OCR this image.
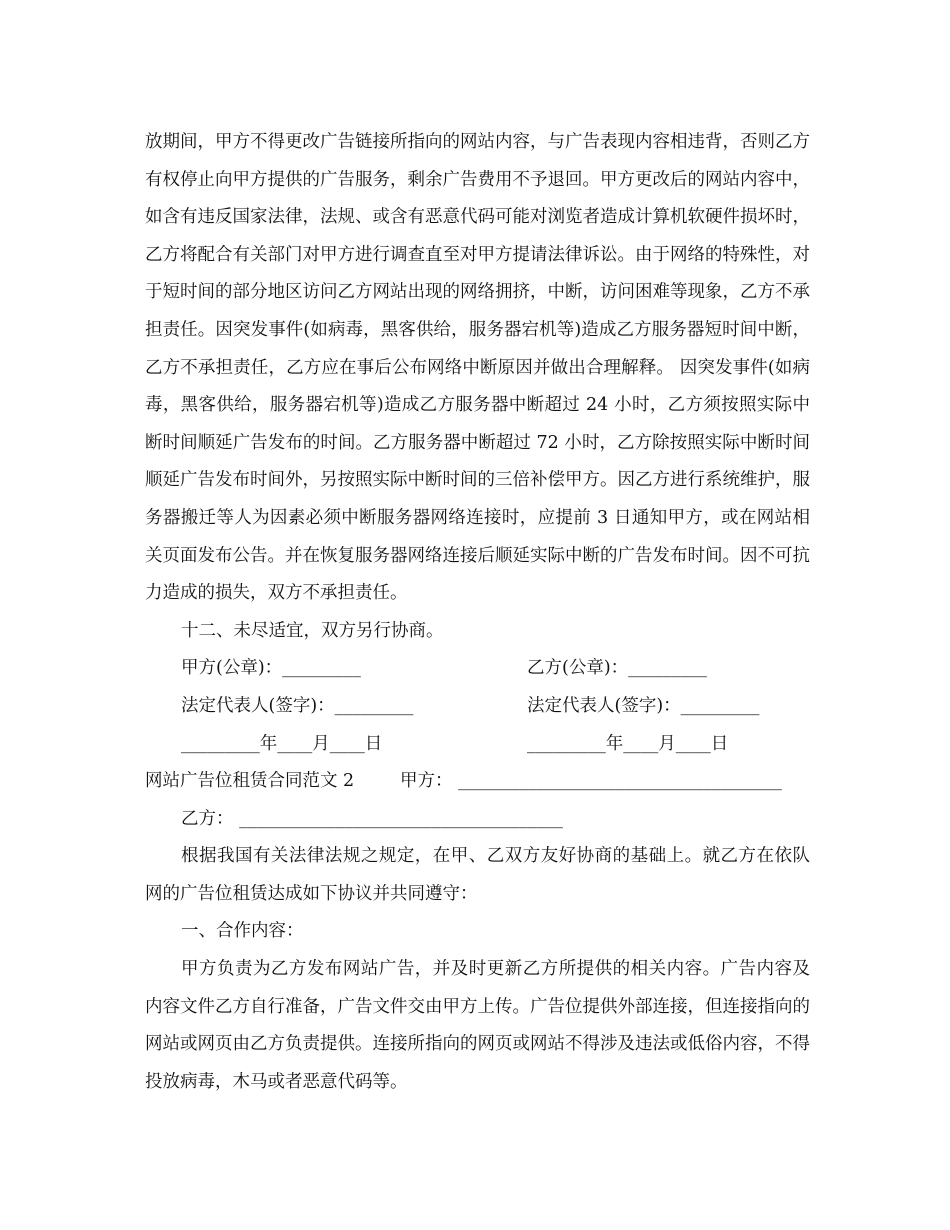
放期间，甲方不得更改广告链接所指向的网站内容，与广告表现内容相违背，否则乙方有权停止向甲方提供的广告服务，剩余广告费用不予退回。甲方更改后的网站内容中，如含有违反国家法律，法规、或含有恶意代码可能对浏览者造成计算机软硬件损坏时，乙方将配合有关部门对甲方进行调查直至对甲方提请法律诉讼。由于网络的特殊性，对于短时间的部分地区访问乙方网站出现的网络拥挤，中断，访问困难等现象，乙方不承担责任。因突发事件(如病毒，黑客供给，服务器宕机等)造成乙方服务器短时间中断，乙方不承担责任，乙方应在事后公布网络中断原因并做出合理解释。 因突发事件(如病毒，黑客供给，服务器宕机等)造成乙方服务器中断超过 24 小时，乙方须按照实际中断时间顺延广告发布的时间。乙方服务器中断超过 72 小时，乙方除按照实际中断时间顺延广告发布时间外，另按照实际中断时间的三倍补偿甲方。因乙方进行系统维护，服务器搬迁等人为因素必须中断服务器网络连接时，应提前 3 日通知甲方，或在网站相关页面发布公告。并在恢复服务器网络连接后顺延实际中断的广告发布时间。因不可抗力造成的损失，双方不承担责任。

十二、未尽适宜，双方另行协商。

甲方(公章)：_________	乙方(公章)：_________
法定代表人(签字)：_________	法定代表人(签字)：_________
_________年____月____日	_________年____月____日
网站广告位租赁合同范文 2	甲方： _____________________________________
乙方： _____________________________________

根据我国有关法律法规之规定，在甲、乙双方友好协商的基础上。就乙方在依队网的广告位租赁达成如下协议并共同遵守：

一、合作内容：

甲方负责为乙方发布网站广告，并及时更新乙方所提供的相关内容。广告内容及内容文件乙方自行准备，广告文件交由甲方上传。广告位提供外部连接，但连接指向的网站或网页由乙方负责提供。连接所指向的网页或网站不得涉及违法或低俗内容，不得投放病毒，木马或者恶意代码等。
